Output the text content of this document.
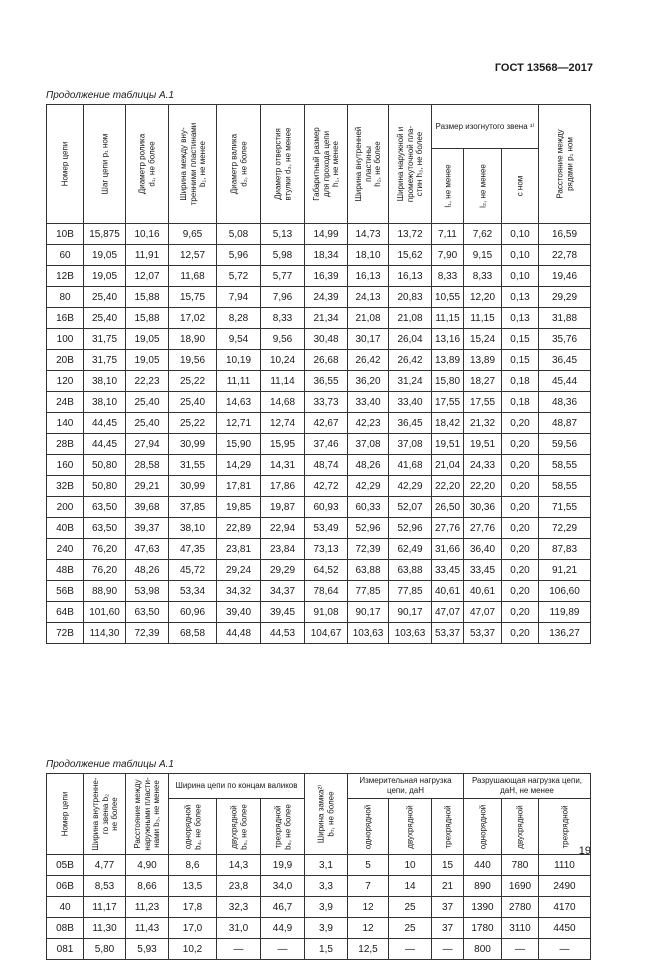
ГОСТ 13568—2017
Продолжение таблицы А.1
Номер цепи	Шаг цепи p₁ ном	Диаметр ролика
d₁, не более	Ширина между вну-
тренними пластинами
b₁, не менее	Диаметр валика
d₂, не более	Диаметр отверстия
втулки d₃, не менее	Габаритный размер
для прохода цепи
h₁, не менее	Ширина внутренней
пластины
h₂, не более	Ширина наружной и
промежуточной пла-
стин h₃, не более	Размер изогнутого звена ¹⁾			Расстояние между
рядами p₁ ном

									l₁, не менее	l₂, не менее	c ном	

10B	15,875	10,16	9,65	5,08	5,13	14,99	14,73	13,72	7,11	7,62	0,10	16,59
60	19,05	11,91	12,57	5,96	5,98	18,34	18,10	15,62	7,90	9,15	0,10	22,78
12B	19,05	12,07	11,68	5,72	5,77	16,39	16,13	16,13	8,33	8,33	0,10	19,46
80	25,40	15,88	15,75	7,94	7,96	24,39	24,13	20,83	10,55	12,20	0,13	29,29
16B	25,40	15,88	17,02	8,28	8,33	21,34	21,08	21,08	11,15	11,15	0,13	31,88
100	31,75	19,05	18,90	9,54	9,56	30,48	30,17	26,04	13,16	15,24	0,15	35,76
20B	31,75	19,05	19,56	10,19	10,24	26,68	26,42	26,42	13,89	13,89	0,15	36,45
120	38,10	22,23	25,22	11,11	11,14	36,55	36,20	31,24	15,80	18,27	0,18	45,44
24B	38,10	25,40	25,40	14,63	14,68	33,73	33,40	33,40	17,55	17,55	0,18	48,36
140	44,45	25,40	25,22	12,71	12,74	42,67	42,23	36,45	18,42	21,32	0,20	48,87
28B	44,45	27,94	30,99	15,90	15,95	37,46	37,08	37,08	19,51	19,51	0,20	59,56
160	50,80	28,58	31,55	14,29	14,31	48,74	48,26	41,68	21,04	24,33	0,20	58,55
32B	50,80	29,21	30,99	17,81	17,86	42,72	42,29	42,29	22,20	22,20	0,20	58,55
200	63,50	39,68	37,85	19,85	19,87	60,93	60,33	52,07	26,50	30,36	0,20	71,55
40B	63,50	39,37	38,10	22,89	22,94	53,49	52,96	52,96	27,76	27,76	0,20	72,29
240	76,20	47,63	47,35	23,81	23,84	73,13	72,39	62,49	31,66	36,40	0,20	87,83
48B	76,20	48,26	45,72	29,24	29,29	64,52	63,88	63,88	33,45	33,45	0,20	91,21
56B	88,90	53,98	53,34	34,32	34,37	78,64	77,85	77,85	40,61	40,61	0,20	106,60
64B	101,60	63,50	60,96	39,40	39,45	91,08	90,17	90,17	47,07	47,07	0,20	119,89
72B	114,30	72,39	68,58	44,48	44,53	104,67	103,63	103,63	53,37	53,37	0,20	136,27
Продолжение таблицы А.1
Номер цепи	Ширина внутренне-
го звена b₂
не более	Расстояние между
наружными пласти-
нами b₃, не менее	Ширина цепи по концам валиков			Ширина замка²⁾
b₇, не более	Измерительная нагрузка цепи, даН			Разрушающая нагрузка цепи, даН, не менее		

			однорядной
b₄, не более	двухрядной
b₅, не более	трехрядной
b₆, не более		однорядной	двухрядной	трехрядной	однорядной	двухрядной	трехрядной

05B	4,77	4,90	8,6	14,3	19,9	3,1	5	10	15	440	780	1110
06B	8,53	8,66	13,5	23,8	34,0	3,3	7	14	21	890	1690	2490
40	11,17	11,23	17,8	32,3	46,7	3,9	12	25	37	1390	2780	4170
08B	11,30	11,43	17,0	31,0	44,9	3,9	12	25	37	1780	3110	4450
081	5,80	5,93	10,2	—	—	1,5	12,5	—	—	800	—	—
19
